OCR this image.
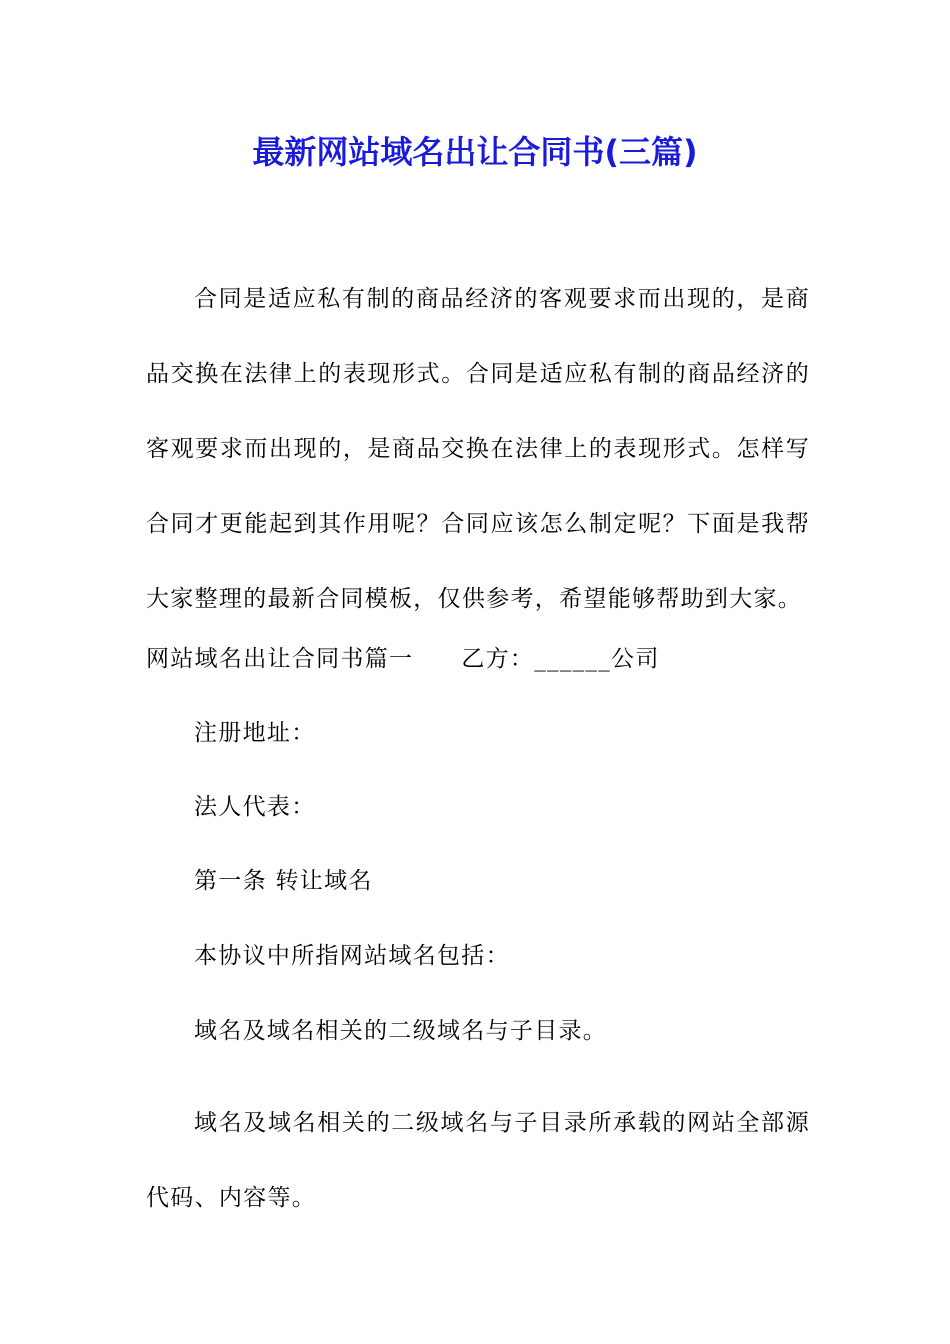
最新网站域名出让合同书(三篇)

合同是适应私有制的商品经济的客观要求而出现的，是商品交换在法律上的表现形式。合同是适应私有制的商品经济的客观要求而出现的，是商品交换在法律上的表现形式。怎样写合同才更能起到其作用呢？合同应该怎么制定呢？下面是我帮大家整理的最新合同模板，仅供参考，希望能够帮助到大家。

网站域名出让合同书篇一 乙方：______公司

注册地址：

法人代表：

第一条 转让域名

本协议中所指网站域名包括：

域名及域名相关的二级域名与子目录。

域名及域名相关的二级域名与子目录所承载的网站全部源代码、内容等。
